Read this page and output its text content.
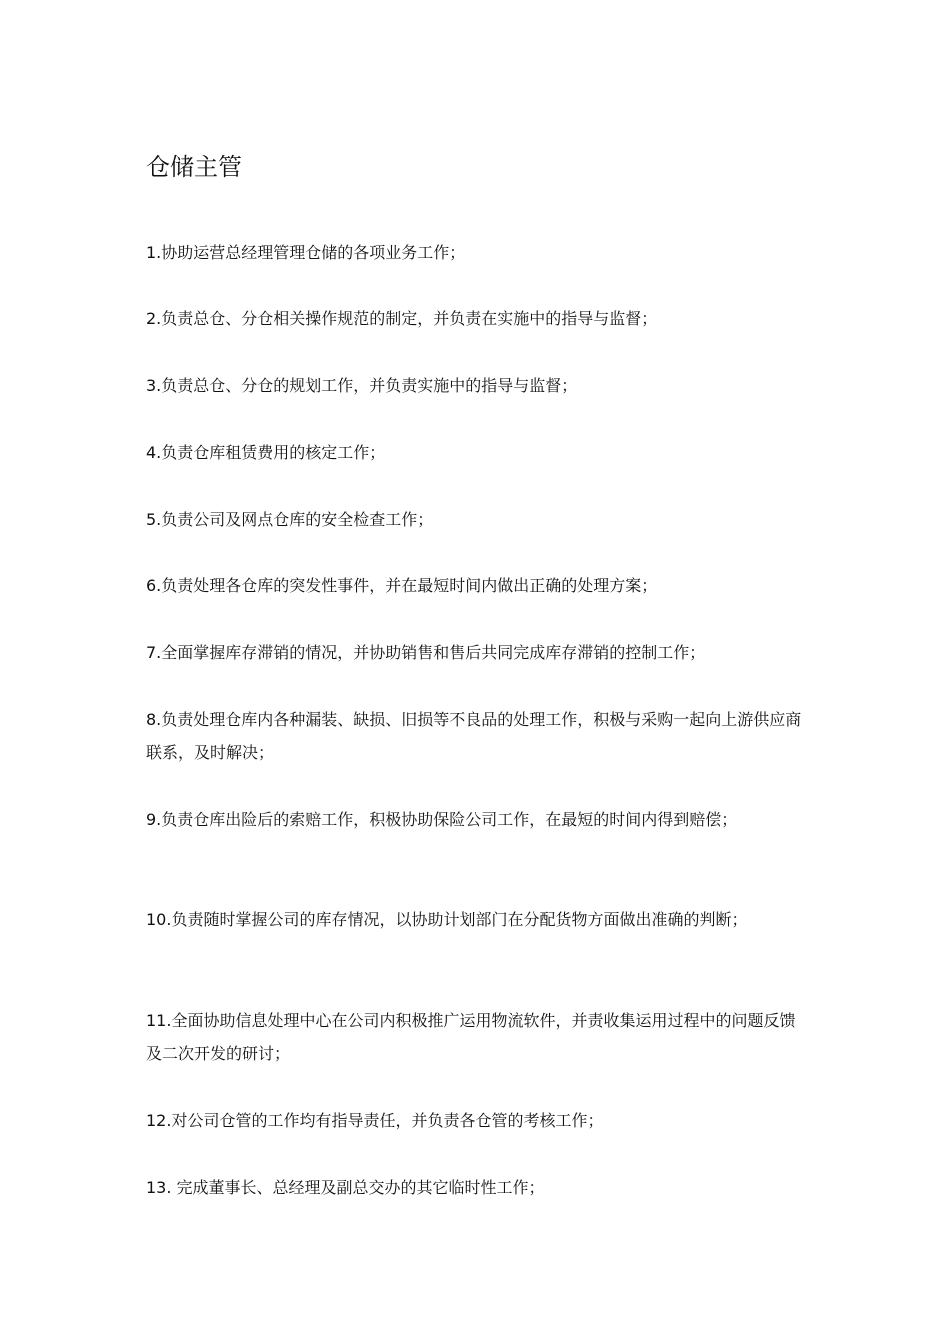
仓储主管

1.协助运营总经理管理仓储的各项业务工作；

2.负责总仓、分仓相关操作规范的制定，并负责在实施中的指导与监督；

3.负责总仓、分仓的规划工作，并负责实施中的指导与监督；

4.负责仓库租赁费用的核定工作；

5.负责公司及网点仓库的安全检查工作；

6.负责处理各仓库的突发性事件，并在最短时间内做出正确的处理方案；

7.全面掌握库存滞销的情况，并协助销售和售后共同完成库存滞销的控制工作；

8.负责处理仓库内各种漏装、缺损、旧损等不良品的处理工作，积极与采购一起向上游供应商联系，及时解决；

9.负责仓库出险后的索赔工作，积极协助保险公司工作，在最短的时间内得到赔偿；

10.负责随时掌握公司的库存情况，以协助计划部门在分配货物方面做出准确的判断；

11.全面协助信息处理中心在公司内积极推广运用物流软件，并责收集运用过程中的问题反馈及二次开发的研讨；

12.对公司仓管的工作均有指导责任，并负责各仓管的考核工作；

13. 完成董事长、总经理及副总交办的其它临时性工作；
